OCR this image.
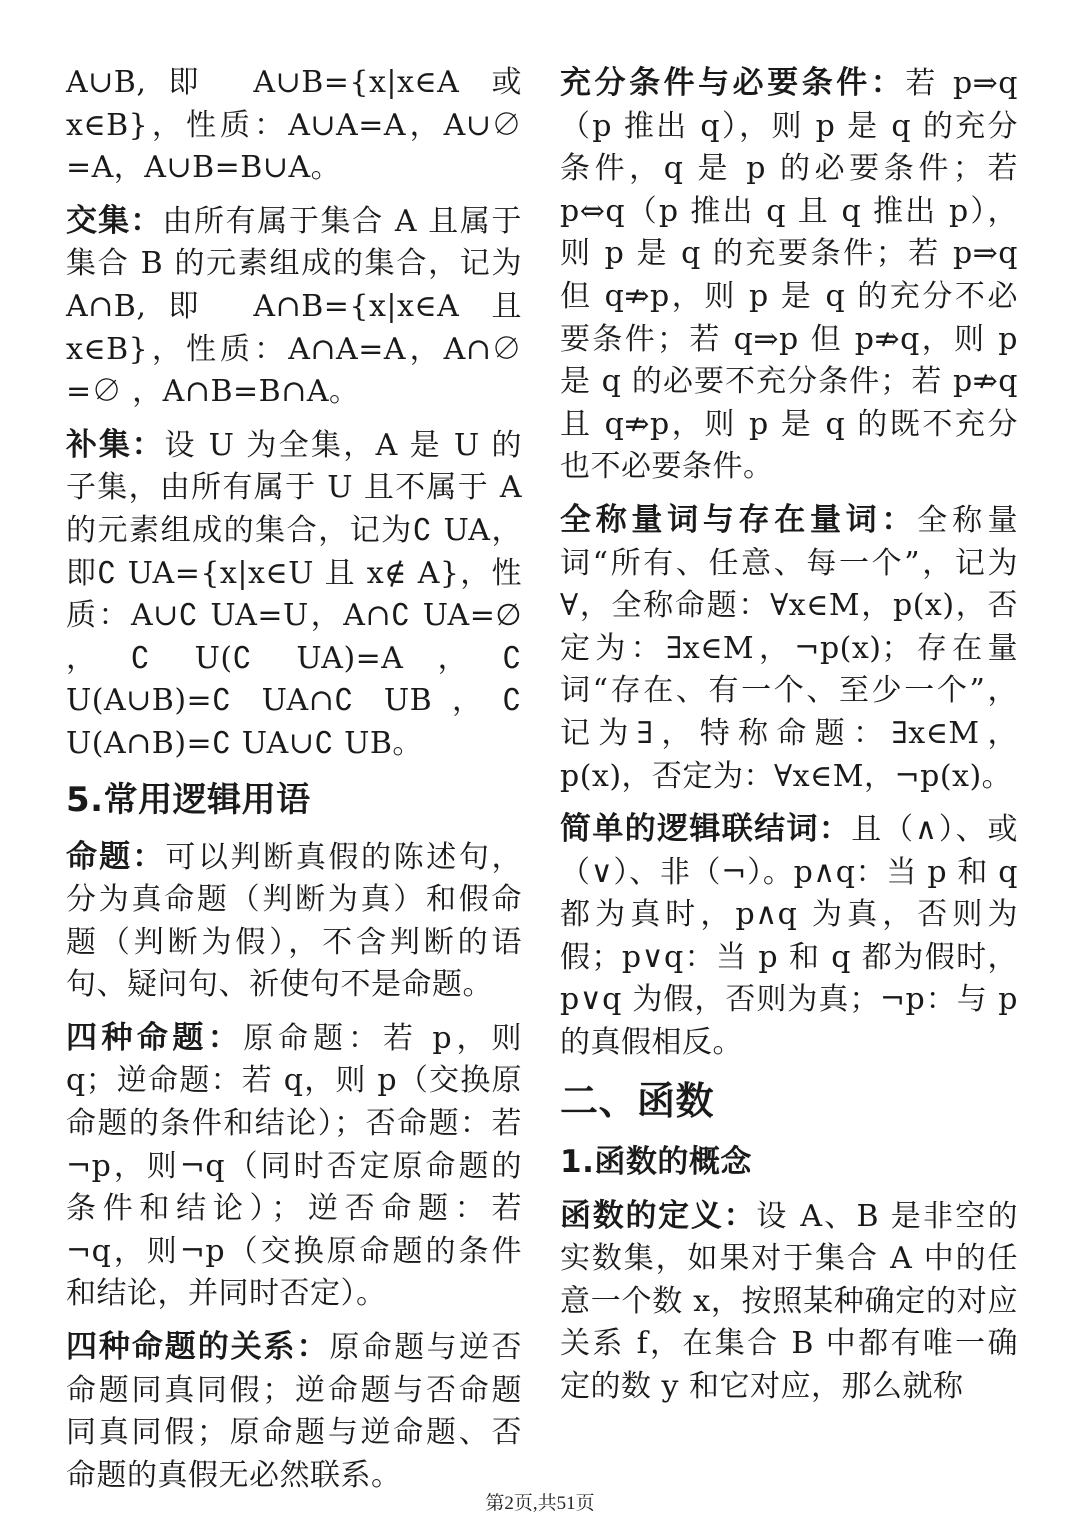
A∪B,即 A∪B={x|x∈A 或 x∈B}，性质：A∪A=A，A∪∅ =A，A∪B=B∪A。

交集：由所有属于集合 A 且属于集合 B 的元素组成的集合，记为 A∩B,即 A∩B={x|x∈A 且 x∈B}，性质：A∩A=A，A∩∅ =∅ ，A∩B=B∩A。

补集：设 U 为全集，A 是 U 的子集，由所有属于 U 且不属于 A 的元素组成的集合，记为∁ UA，即∁ UA={x|x∈U 且 x∉ A}，性质：A∪∁ UA=U，A∩∁ UA=∅ ，∁ U(∁ UA)=A，∁ U(A∪B)=∁ UA∩∁ UB，∁ U(A∩B)=∁ UA∪∁ UB。

5.常用逻辑用语

命题：可以判断真假的陈述句，分为真命题（判断为真）和假命题（判断为假），不含判断的语句、疑问句、祈使句不是命题。

四种命题：原命题：若 p，则 q；逆命题：若 q，则 p（交换原命题的条件和结论）；否命题：若¬p，则¬q（同时否定原命题的条件和结论）；逆否命题：若¬q，则¬p（交换原命题的条件和结论，并同时否定）。

四种命题的关系：原命题与逆否命题同真同假；逆命题与否命题同真同假；原命题与逆命题、否命题的真假无必然联系。

充分条件与必要条件：若 p⇒q（p 推出 q），则 p 是 q 的充分条件，q 是 p 的必要条件；若 p⇔q（p 推出 q 且 q 推出 p），则 p 是 q 的充要条件；若 p⇒q 但 q⇏p，则 p 是 q 的充分不必要条件；若 q⇒p 但 p⇏q，则 p 是 q 的必要不充分条件；若 p⇏q 且 q⇏p，则 p 是 q 的既不充分也不必要条件。

全称量词与存在量词：全称量词“所有、任意、每一个”，记为∀，全称命题：∀x∈M，p(x)，否定为：∃x∈M，¬p(x)；存在量词“存在、有一个、至少一个”，记为∃，特称命题：∃x∈M，p(x)，否定为：∀x∈M，¬p(x)。

简单的逻辑联结词：且（∧）、或（∨）、非（¬）。p∧q：当 p 和 q 都为真时，p∧q 为真，否则为假；p∨q：当 p 和 q 都为假时，p∨q 为假，否则为真；¬p：与 p 的真假相反。

二、函数
1.函数的概念

函数的定义：设 A、B 是非空的实数集，如果对于集合 A 中的任意一个数 x，按照某种确定的对应关系 f，在集合 B 中都有唯一确定的数 y 和它对应，那么就称

第2页,共51页
